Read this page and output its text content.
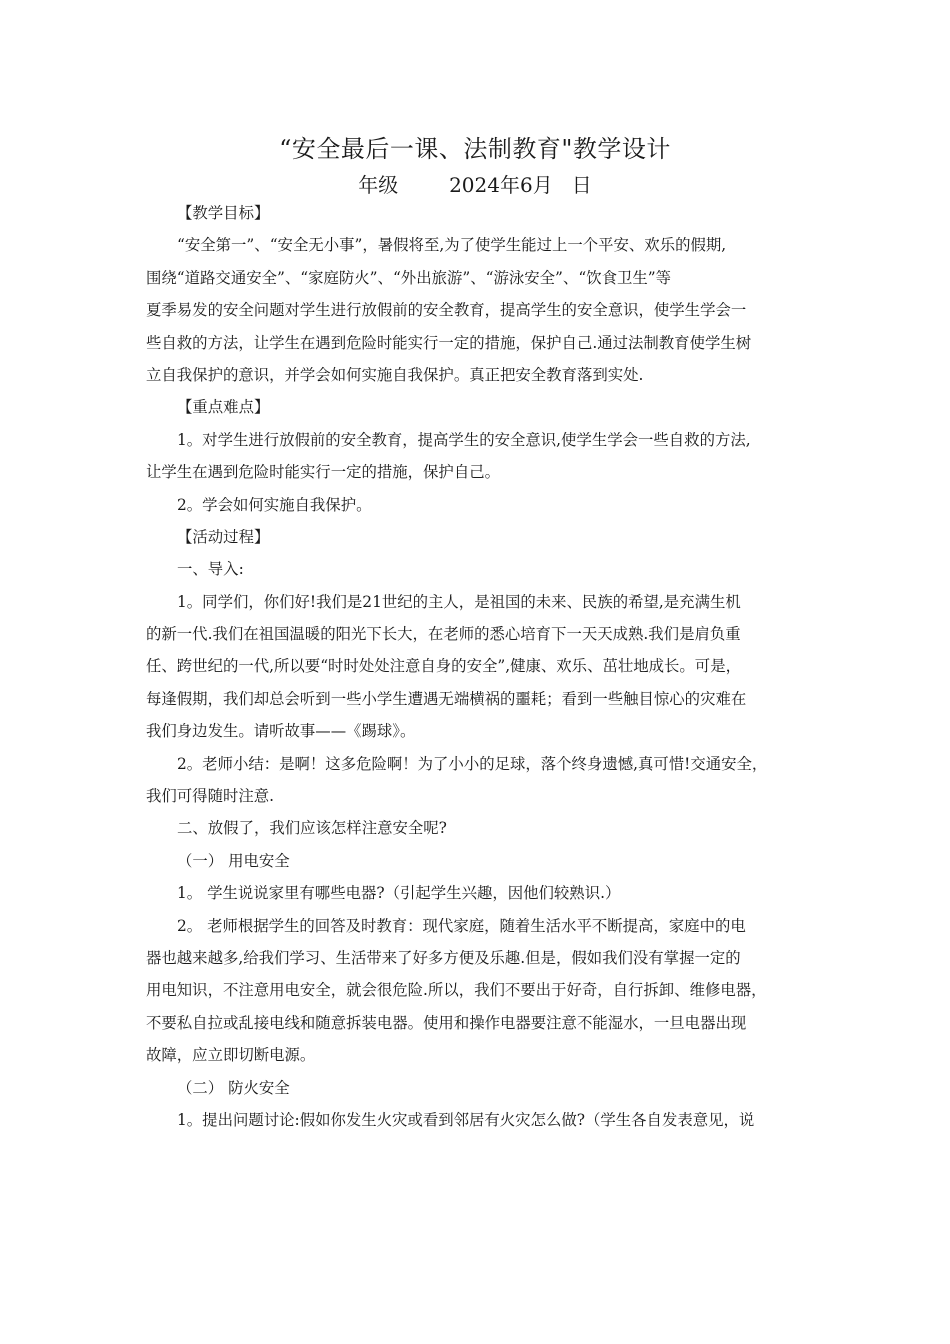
“安全最后一课、法制教育"教学设计
年级        2024年6月   日
【教学目标】
“安全第一”、“安全无小事”，暑假将至,为了使学生能过上一个平安、欢乐的假期,
围绕“道路交通安全”、“家庭防火”、“外出旅游”、“游泳安全”、“饮食卫生”等
夏季易发的安全问题对学生进行放假前的安全教育，提高学生的安全意识，使学生学会一
些自救的方法，让学生在遇到危险时能实行一定的措施，保护自己.通过法制教育使学生树
立自我保护的意识，并学会如何实施自我保护。真正把安全教育落到实处.
【重点难点】
1。对学生进行放假前的安全教育，提高学生的安全意识,使学生学会一些自救的方法,
让学生在遇到危险时能实行一定的措施，保护自己。
2。学会如何实施自我保护。
【活动过程】
一、导入:
1。同学们，你们好!我们是21世纪的主人，是祖国的未来、民族的希望,是充满生机
的新一代.我们在祖国温暖的阳光下长大，在老师的悉心培育下一天天成熟.我们是肩负重
任、跨世纪的一代,所以要“时时处处注意自身的安全”,健康、欢乐、茁壮地成长。可是，
每逢假期，我们却总会听到一些小学生遭遇无端横祸的噩耗；看到一些触目惊心的灾难在
我们身边发生。请听故事——《踢球》。
2。老师小结：是啊！这多危险啊！为了小小的足球，落个终身遗憾,真可惜!交通安全，
我们可得随时注意.
二、放假了，我们应该怎样注意安全呢?
（一） 用电安全
1。 学生说说家里有哪些电器?（引起学生兴趣，因他们较熟识.）
2。 老师根据学生的回答及时教育：现代家庭，随着生活水平不断提高，家庭中的电
器也越来越多,给我们学习、生活带来了好多方便及乐趣.但是，假如我们没有掌握一定的
用电知识，不注意用电安全，就会很危险.所以，我们不要出于好奇，自行拆卸、维修电器，
不要私自拉或乱接电线和随意拆装电器。使用和操作电器要注意不能湿水，一旦电器出现
故障，应立即切断电源。
（二） 防火安全
1。提出问题讨论:假如你发生火灾或看到邻居有火灾怎么做?（学生各自发表意见，说
